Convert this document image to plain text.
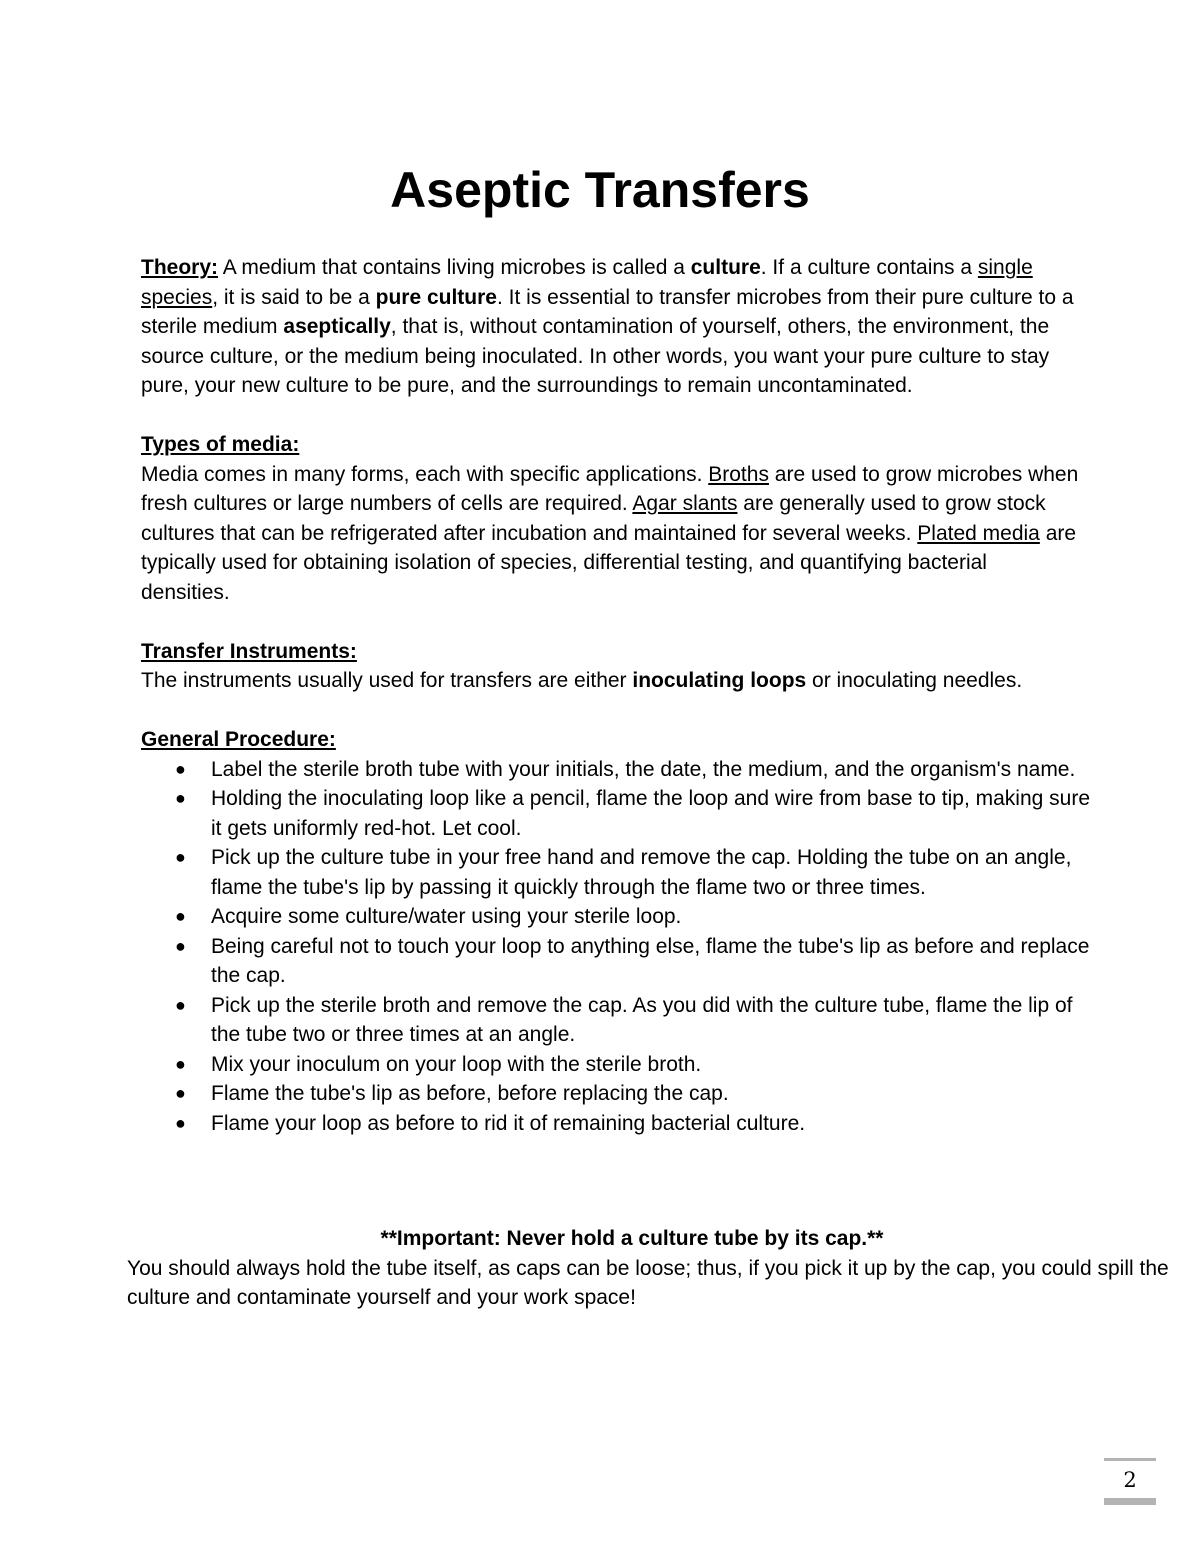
Aseptic Transfers

Theory: A medium that contains living microbes is called a culture. If a culture contains a single species, it is said to be a pure culture. It is essential to transfer microbes from their pure culture to a sterile medium aseptically, that is, without contamination of yourself, others, the environment, the source culture, or the medium being inoculated. In other words, you want your pure culture to stay pure, your new culture to be pure, and the surroundings to remain uncontaminated.

Types of media:

Media comes in many forms, each with specific applications. Broths are used to grow microbes when fresh cultures or large numbers of cells are required. Agar slants are generally used to grow stock cultures that can be refrigerated after incubation and maintained for several weeks. Plated media are typically used for obtaining isolation of species, differential testing, and quantifying bacterial densities.

Transfer Instruments:

The instruments usually used for transfers are either inoculating loops or inoculating needles.

General Procedure:
● Label the sterile broth tube with your initials, the date, the medium, and the organism's name.
● Holding the inoculating loop like a pencil, flame the loop and wire from base to tip, making sure it gets uniformly red-hot. Let cool.
● Pick up the culture tube in your free hand and remove the cap. Holding the tube on an angle, flame the tube's lip by passing it quickly through the flame two or three times.
● Acquire some culture/water using your sterile loop.
● Being careful not to touch your loop to anything else, flame the tube's lip as before and replace the cap.
● Pick up the sterile broth and remove the cap. As you did with the culture tube, flame the lip of the tube two or three times at an angle.
● Mix your inoculum on your loop with the sterile broth.
● Flame the tube's lip as before, before replacing the cap.
● Flame your loop as before to rid it of remaining bacterial culture.
**Important: Never hold a culture tube by its cap.**
You should always hold the tube itself, as caps can be loose; thus, if you pick it up by the cap, you could spill the culture and contaminate yourself and your work space!
2
